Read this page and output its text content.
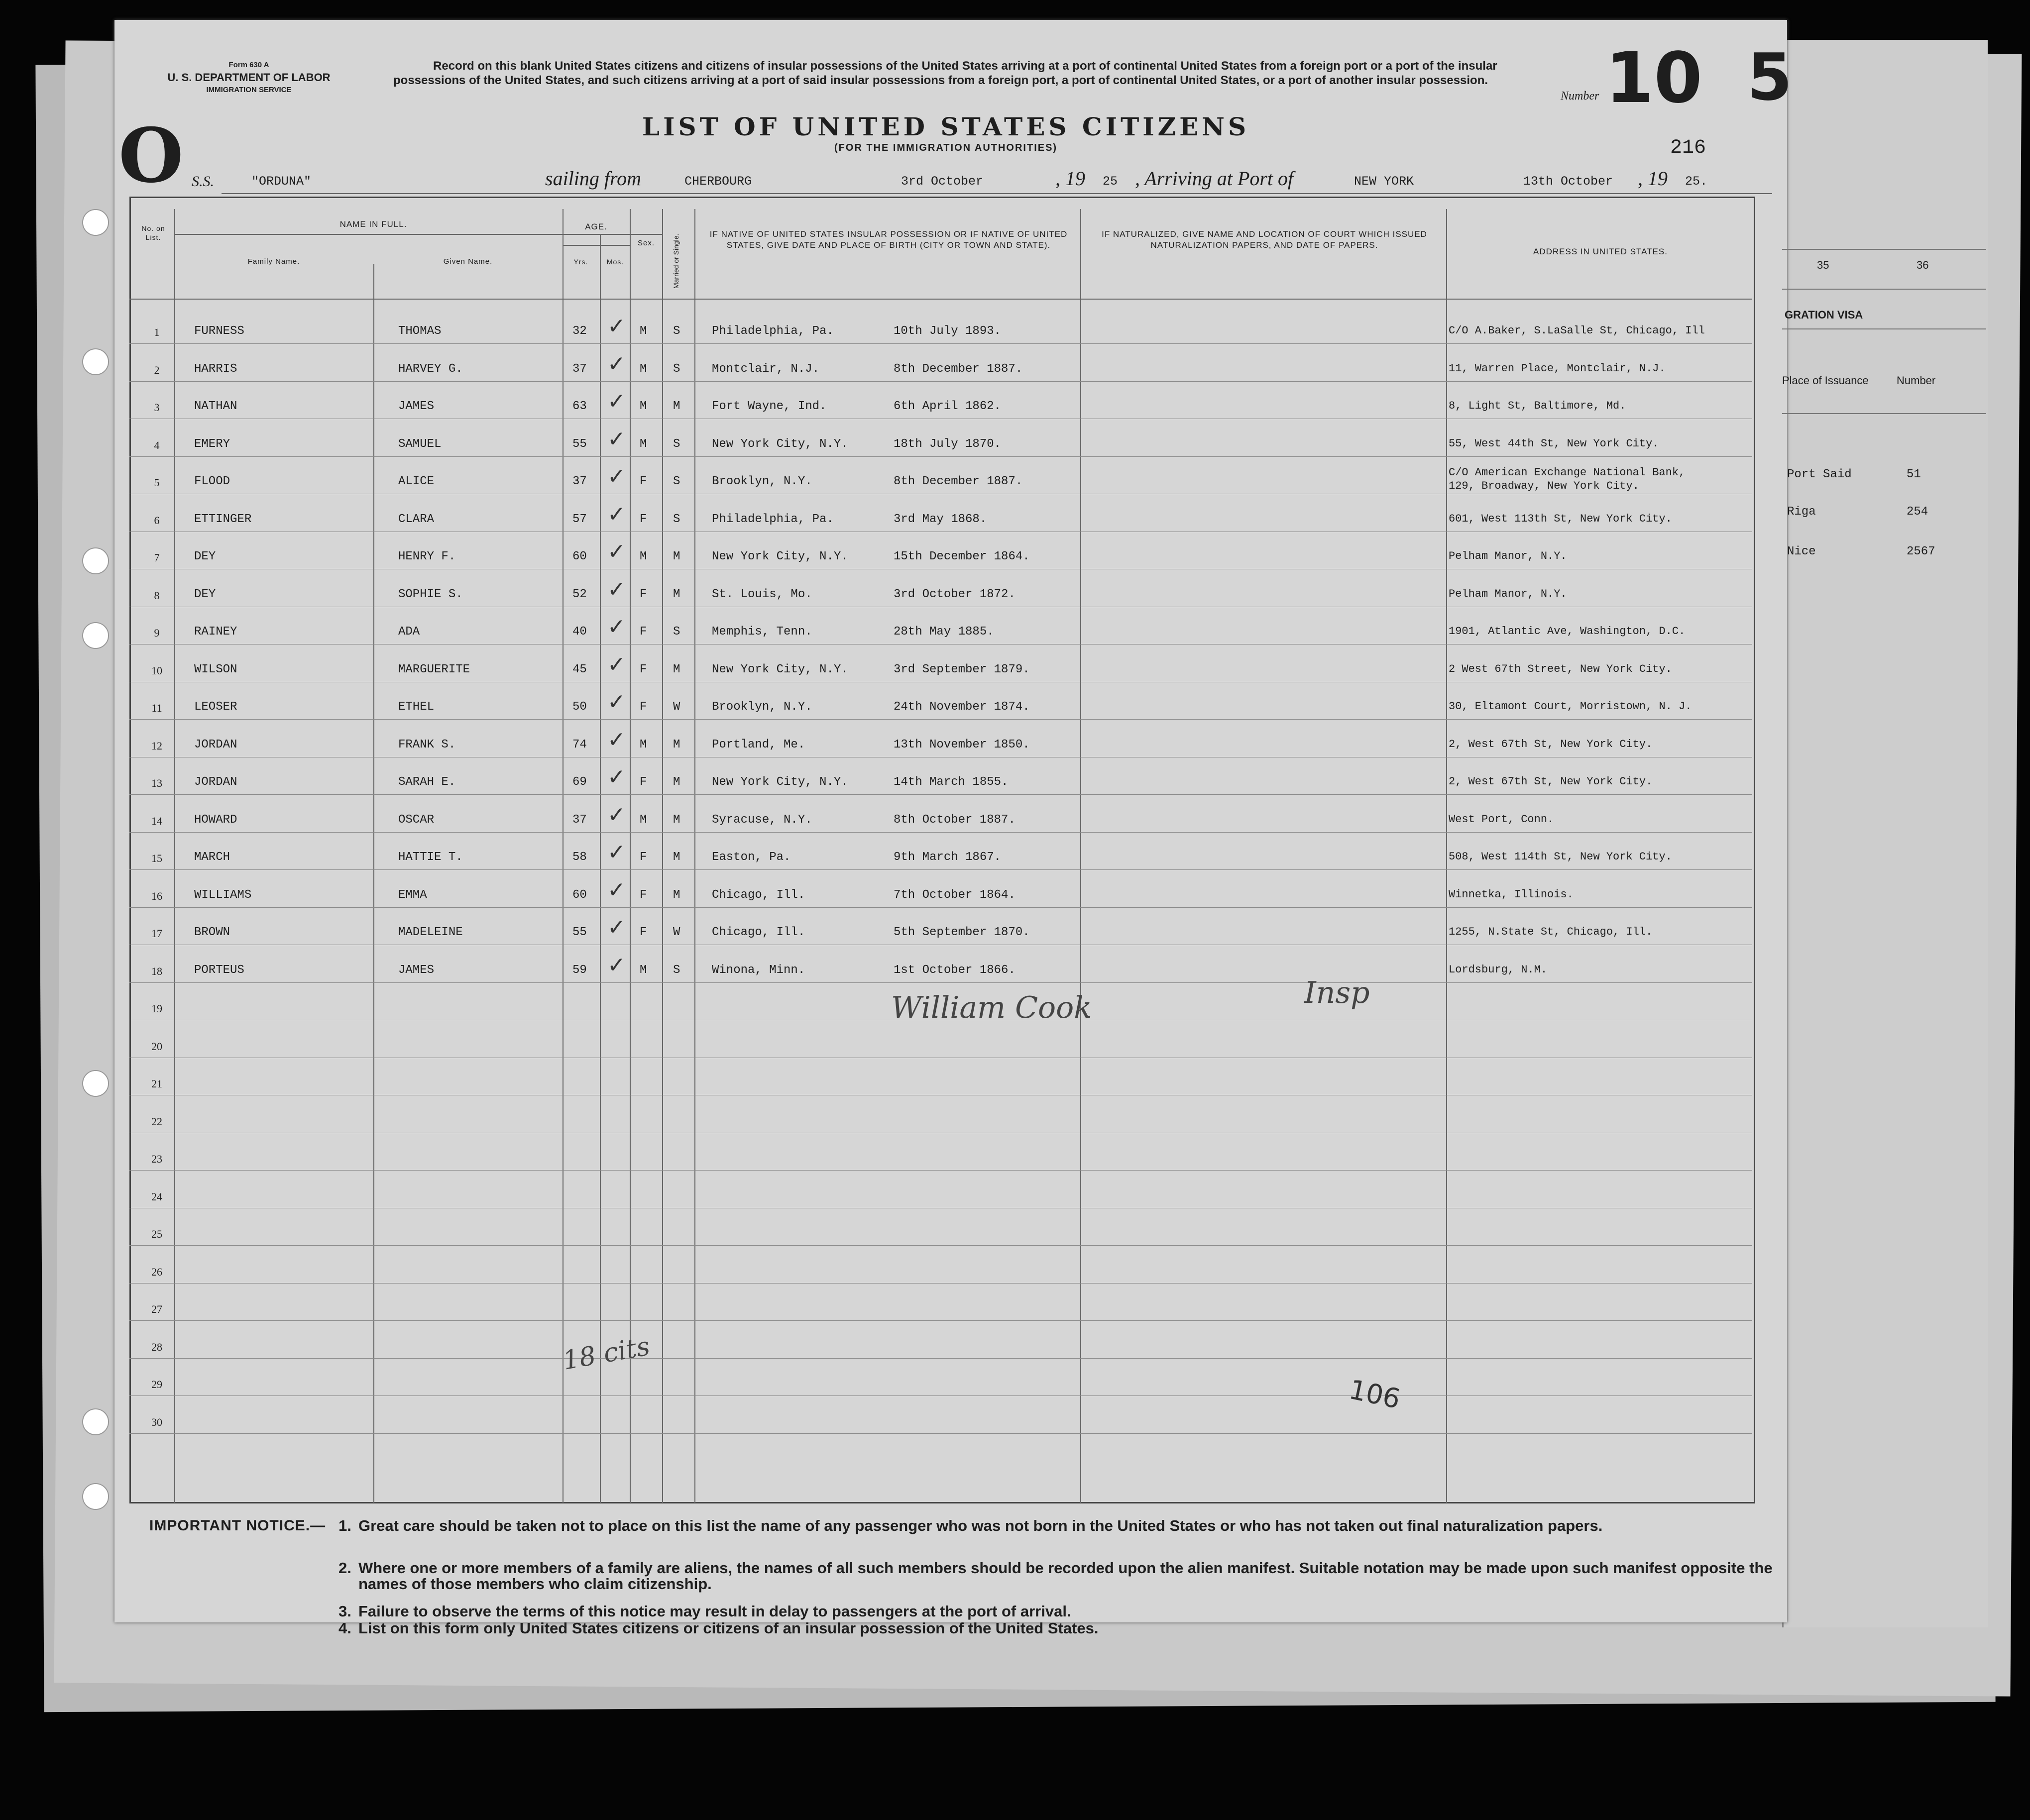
Form 630 A
U. S. DEPARTMENT OF LABOR
IMMIGRATION SERVICE
Record on this blank United States citizens and citizens of insular possessions of the United States arriving at a port of continental United States from a foreign port or a port of the insular possessions of the United States, and such citizens arriving at a port of said insular possessions from a foreign port, a port of continental United States, or a port of another insular possession.
LIST OF UNITED STATES CITIZENS
(FOR THE IMMIGRATION AUTHORITIES)
O
Number 10 5
216
S.S.	"ORDUNA"	sailing from	CHERBOURG	3rd October	, 19 25 , Arriving at Port of	NEW YORK	13th October , 19 25.
No. on List.
NAME IN FULL.
Family Name.	Given Name.
AGE.
Yrs.	Mos.
Sex.	Married or Single.	IF NATIVE OF UNITED STATES INSULAR POSSESSION OR IF NATIVE OF UNITED STATES, GIVE DATE AND PLACE OF BIRTH (CITY OR TOWN AND STATE).
IF NATURALIZED, GIVE NAME AND LOCATION OF COURT WHICH ISSUED NATURALIZATION PAPERS, AND DATE OF PAPERS.
ADDRESS IN UNITED STATES.
1	FURNESS	THOMAS	32	M S	Philadelphia, Pa.	10th July 1893.	C/O A.Baker, S.LaSalle St, Chicago, Ill
✓
2	HARRIS	HARVEY G.	37	M S	Montclair, N.J.	8th December 1887.	11, Warren Place, Montclair, N.J.
✓
3	NATHAN	JAMES	63	M M	Fort Wayne, Ind.	6th April 1862.	8, Light St, Baltimore, Md.
✓
4	EMERY	SAMUEL	55	M S	New York City, N.Y.	18th July 1870.	55, West 44th St, New York City.
✓
5	FLOOD	ALICE	37	F S	Brooklyn, N.Y.	8th December 1887.
C/O American Exchange National Bank,
129, Broadway, New York City.
✓
6	ETTINGER	CLARA	57	F S	Philadelphia, Pa.	3rd May 1868.	601, West 113th St, New York City.
✓
7	DEY	HENRY F.	60	M M	New York City, N.Y.	15th December 1864.	Pelham Manor, N.Y.
✓
8	DEY	SOPHIE S.	52	F M	St. Louis, Mo.	3rd October 1872.	Pelham Manor, N.Y.
✓
9	RAINEY	ADA	40	F S	Memphis, Tenn.	28th May 1885.	1901, Atlantic Ave, Washington, D.C.
✓
10	WILSON	MARGUERITE	45	F M	New York City, N.Y.	3rd September 1879.	2 West 67th Street, New York City.
✓
11	LEOSER	ETHEL	50	F W	Brooklyn, N.Y.	24th November 1874.	30, Eltamont Court, Morristown, N. J.
✓
12	JORDAN	FRANK S.	74	M M	Portland, Me.	13th November 1850.	2, West 67th St, New York City.
✓
13	JORDAN	SARAH E.	69	F M	New York City, N.Y.	14th March 1855.	2, West 67th St, New York City.
✓
14	HOWARD	OSCAR	37	M M	Syracuse, N.Y.	8th October 1887.	West Port, Conn.
✓
15	MARCH	HATTIE T.	58	F M	Easton, Pa.	9th March 1867.	508, West 114th St, New York City.
✓
16	WILLIAMS	EMMA	60	F M	Chicago, Ill.	7th October 1864.	Winnetka, Illinois.
✓
17	BROWN	MADELEINE	55	F W	Chicago, Ill.	5th September 1870.	1255, N.State St, Chicago, Ill.
✓
18	PORTEUS	JAMES	59	M S	Winona, Minn.	1st October 1866.	Lordsburg, N.M.
✓
19
20
21
22
23
24
25
26
27
28
29
30
35	36
GRATION VISA
Place of Issuance	Number
Port Said	51
Riga	254
Nice	2567
William Cook	Insp
18 cits
106
IMPORTANT NOTICE.— 1. Great care should be taken not to place on this list the name of any passenger who was not born in the United States or who has not taken out final naturalization papers.
2. Where one or more members of a family are aliens, the names of all such members should be recorded upon the alien manifest. Suitable notation may be made upon such manifest opposite the names of those members who claim citizenship.
3. Failure to observe the terms of this notice may result in delay to passengers at the port of arrival.
4. List on this form only United States citizens or citizens of an insular possession of the United States.
